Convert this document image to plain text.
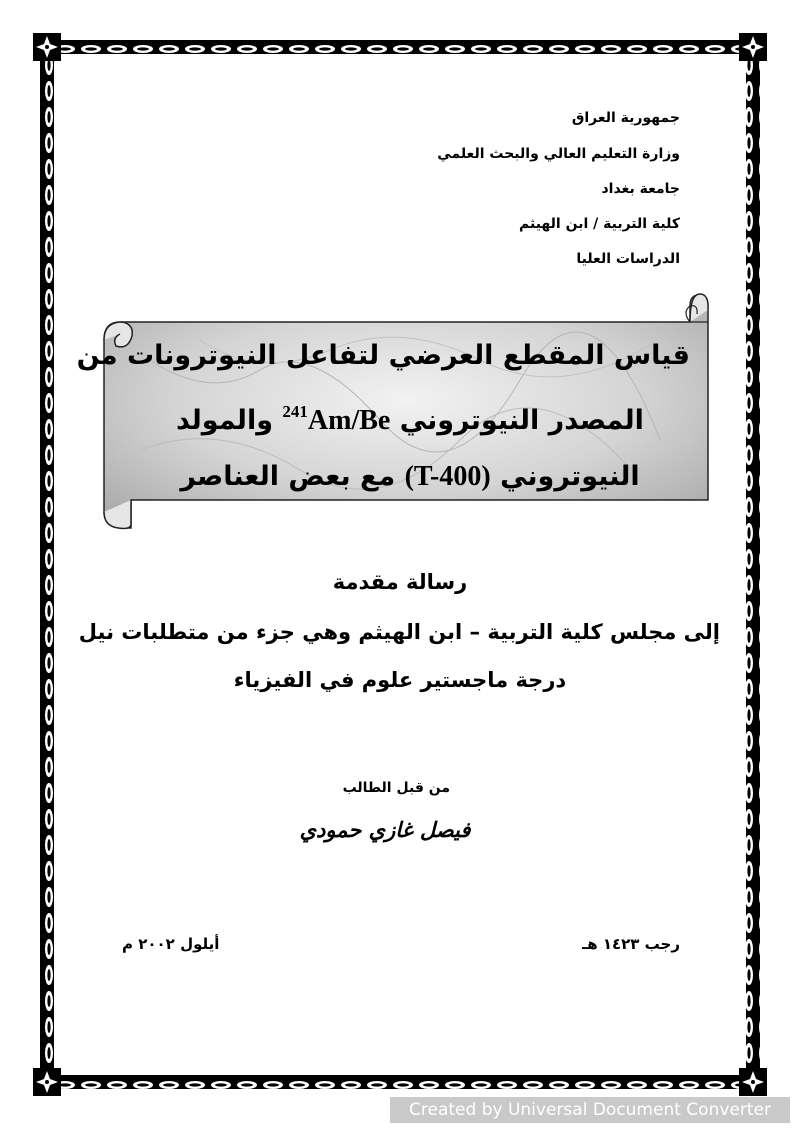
جمهورية العراق
وزارة التعليم العالي والبحث العلمي
جامعة بغداد
كلية التربية / ابن الهيثم
الدراسات العليا
قياس المقطع العرضي لتفاعل النيوترونات من
المصدر النيوتروني $^{241}$Am/Be والمولد
النيوتروني (T-400) مع بعض العناصر
رسالة مقدمة
إلى مجلس كلية التربية – ابن الهيثم وهي جزء من متطلبات نيل
درجة ماجستير علوم في الفيزياء
من قبل الطالب
فيصل غازي حمودي
رجب ١٤٢٣ هـ
أيلول ٢٠٠٢ م
Created by Universal Document Converter
